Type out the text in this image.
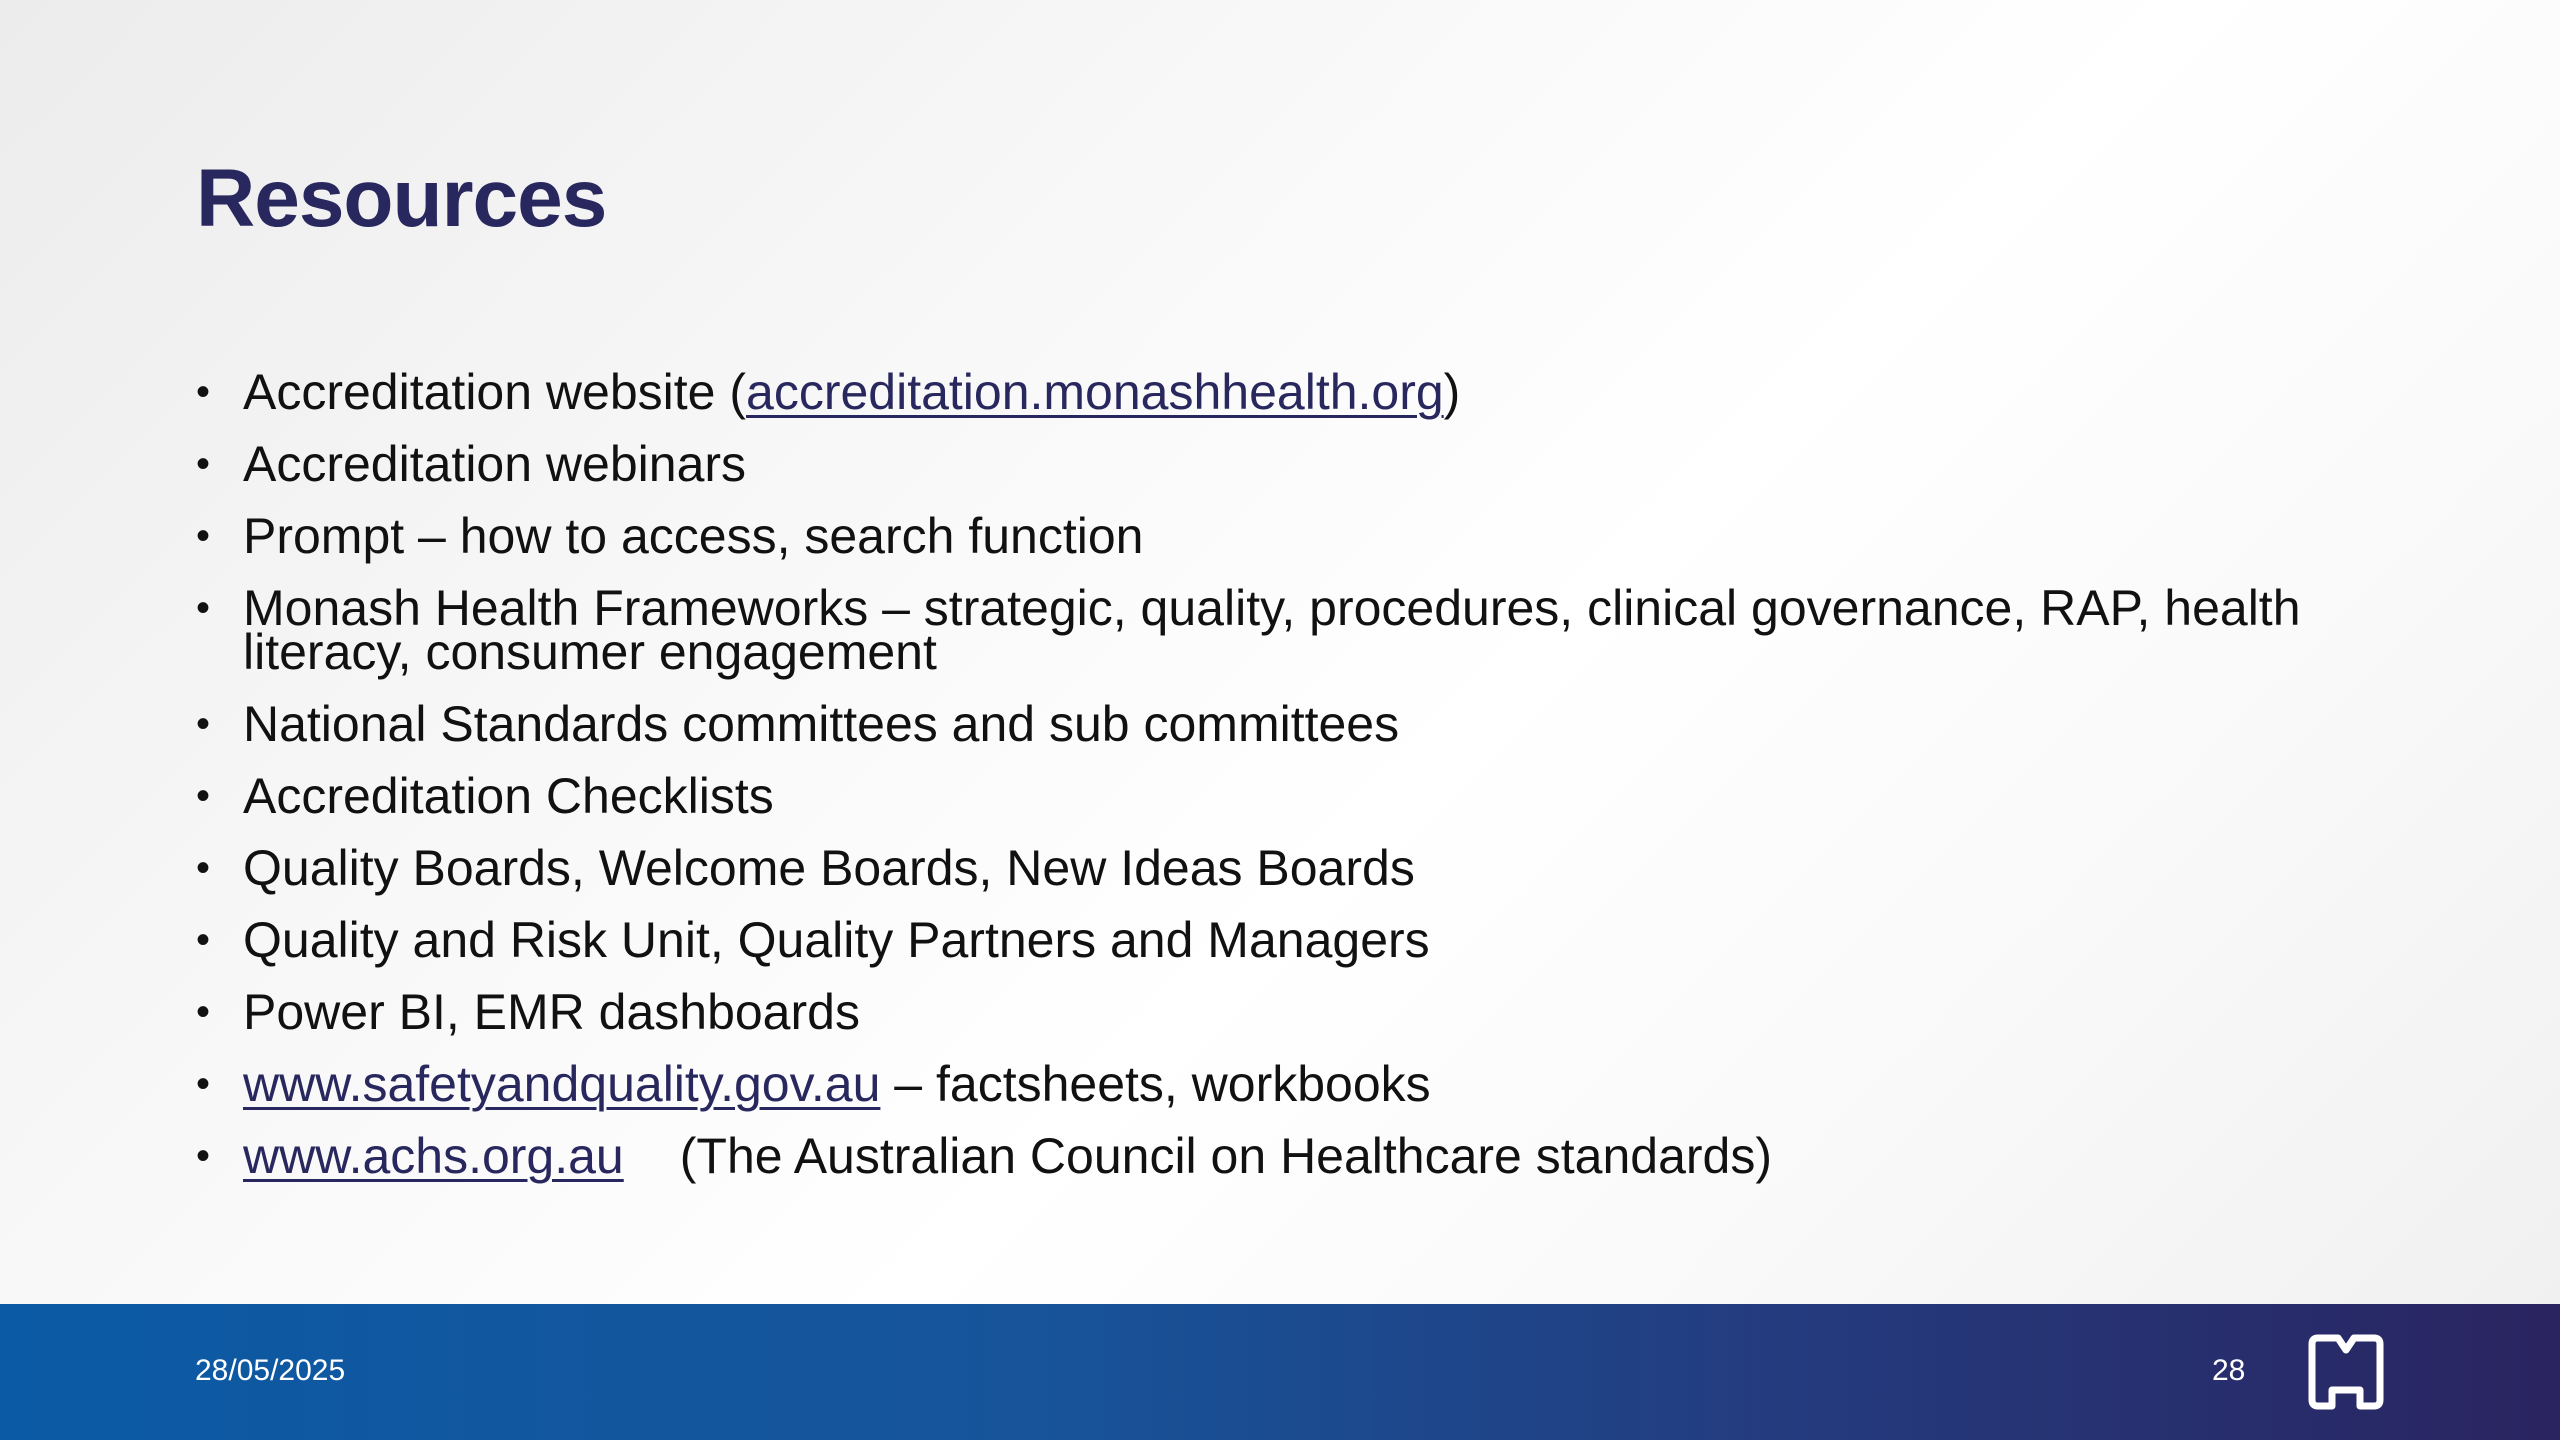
Resources
• Accreditation website (accreditation.monashhealth.org)
• Accreditation webinars
• Prompt – how to access, search function
• Monash Health Frameworks – strategic, quality, procedures, clinical governance, RAP, health literacy, consumer engagement
• National Standards committees and sub committees
• Accreditation Checklists
• Quality Boards, Welcome Boards, New Ideas Boards
• Quality and Risk Unit, Quality Partners and Managers
• Power BI, EMR dashboards
• www.safetyandquality.gov.au – factsheets, workbooks
• www.achs.org.au (The Australian Council on Healthcare standards)
28/05/2025	28
